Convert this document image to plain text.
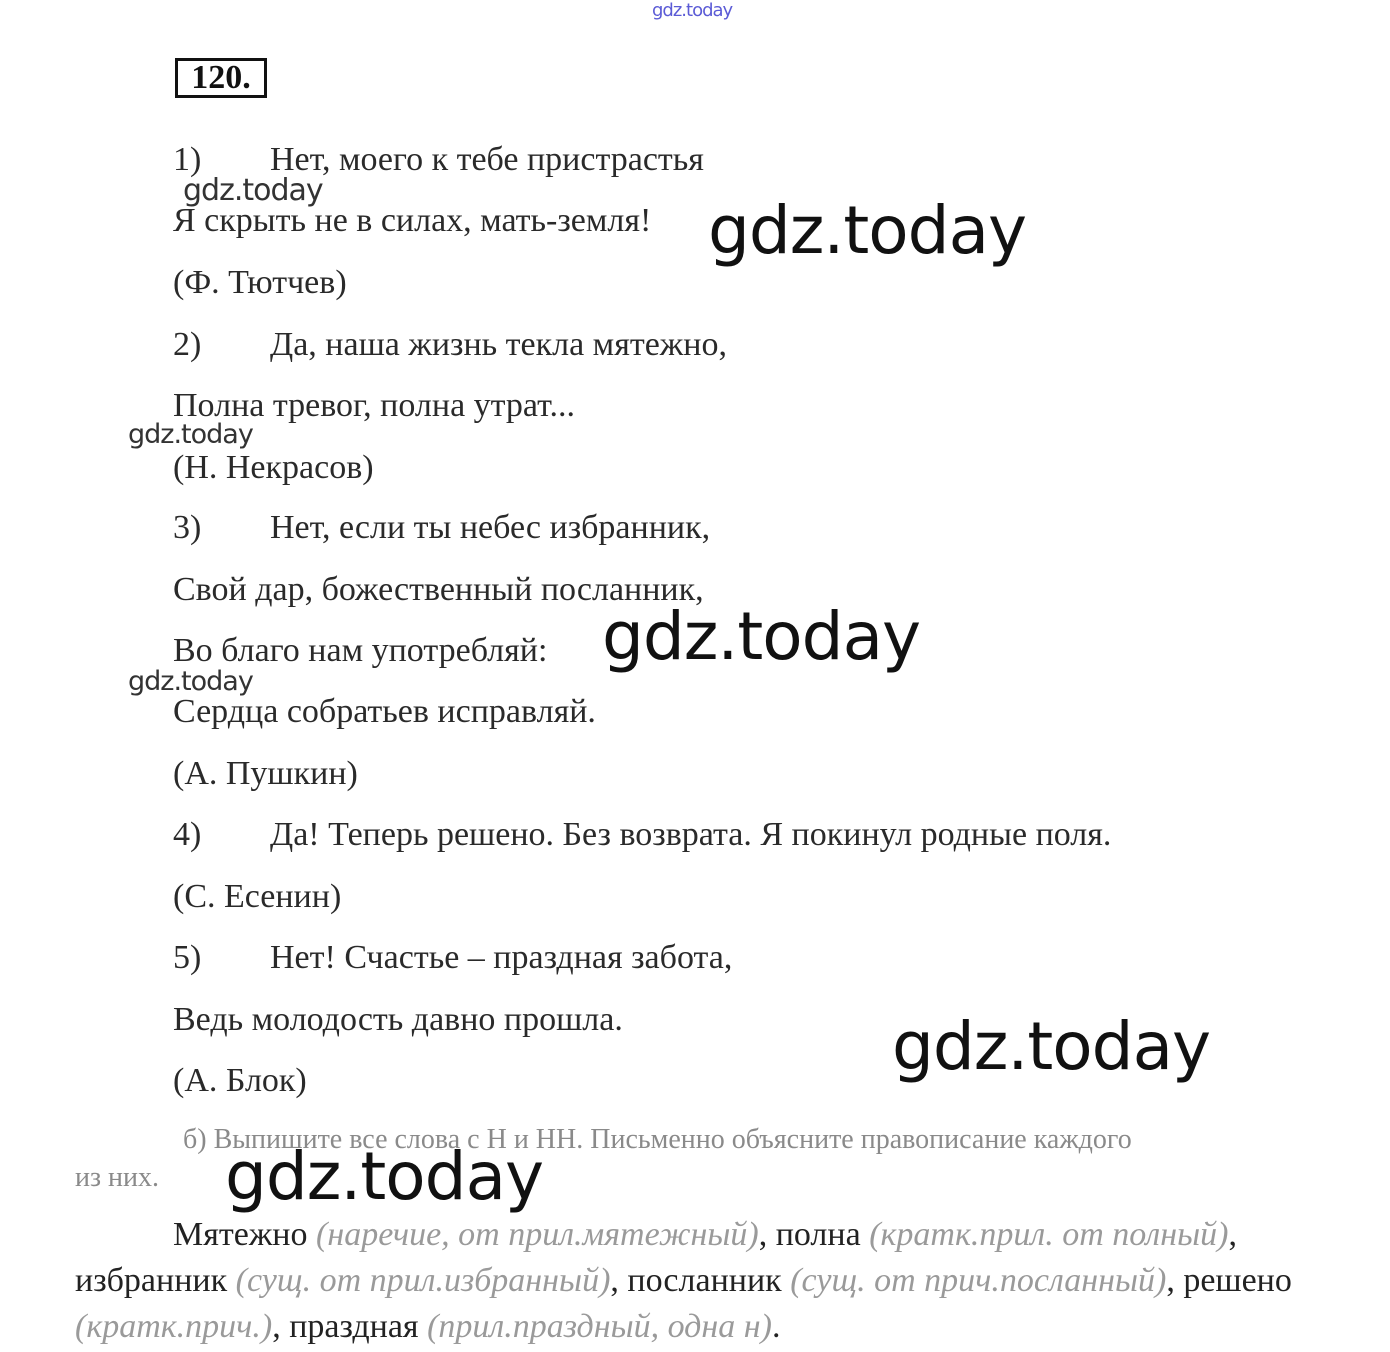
gdz.today
gdz.today
gdz.today
gdz.today
120.
1) Нет, моего к тебе пристрастья
Я скрыть не в силах, мать-земля!
(Ф. Тютчев)
2) Да, наша жизнь текла мятежно,
Полна тревог, полна утрат...
(Н. Некрасов)
3) Нет, если ты небес избранник,
Свой дар, божественный посланник,
Во благо нам употребляй:
Сердца собратьев исправляй.
(А. Пушкин)
4) Да! Теперь решено. Без возврата. Я покинул родные поля.
(С. Есенин)
5) Нет! Счастье – праздная забота,
Ведь молодость давно прошла.
(А. Блок)
б) Выпишите все слова с Н и НН. Письменно объясните правописание каждого
из них.
Мятежно (наречие, от прил.мятежный), полна (кратк.прил. от полный), избранник (сущ. от прил.избранный), посланник (сущ. от прич.посланный), решено (кратк.прич.), праздная (прил.праздный, одна н).
gdz.today
gdz.today
gdz.today
gdz.today
